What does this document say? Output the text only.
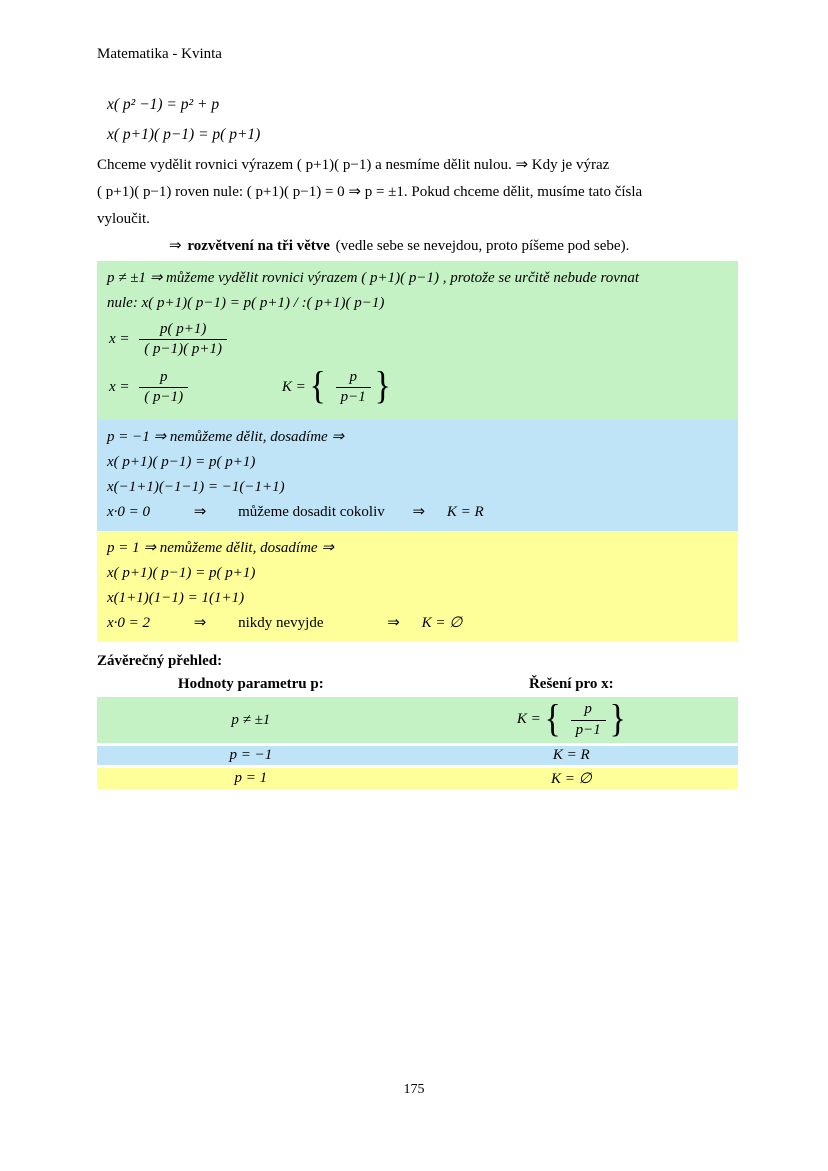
Matematika - Kvinta
x( p² −1) = p² + p
x( p+1)( p−1) = p( p+1)

Chceme vydělit rovnici výrazem ( p+1)( p−1) a nesmíme dělit nulou. ⇒ Kdy je výraz
( p+1)( p−1) roven nule: ( p+1)( p−1) = 0 ⇒ p = ±1. Pokud chceme dělit, musíme tato čísla
vyloučit.

⇒ rozvětvení na tři větve (vedle sebe se nevejdou, proto píšeme pod sebe).
p ≠ ±1 ⇒ můžeme vydělit rovnici výrazem ( p+1)( p−1) , protože se určitě nebude rovnat
nule: x( p+1)( p−1) = p( p+1) / :( p+1)( p−1)
$x = \frac{p( p+1)}{( p-1)( p+1)}$
$x = \frac{p}{( p-1)}$	K = { $\frac{p}{p-1}$ }
p = −1 ⇒ nemůžeme dělit, dosadíme ⇒
x( p+1)( p−1) = p( p+1)
x(−1+1)(−1−1) = −1(−1+1)
x·0 = 0	⇒ můžeme dosadit cokoliv ⇒ K = R
p = 1 ⇒ nemůžeme dělit, dosadíme ⇒
x( p+1)( p−1) = p( p+1)
x(1+1)(1−1) = 1(1+1)
x·0 = 2	⇒ nikdy nevyjde	⇒ K = ∅
Závěrečný přehled:
Hodnoty parametru p:	Řešení pro x:
p ≠ ±1	K = { $\frac{p}{p-1}$ }
p = −1	K = R
p = 1	K = ∅
175
